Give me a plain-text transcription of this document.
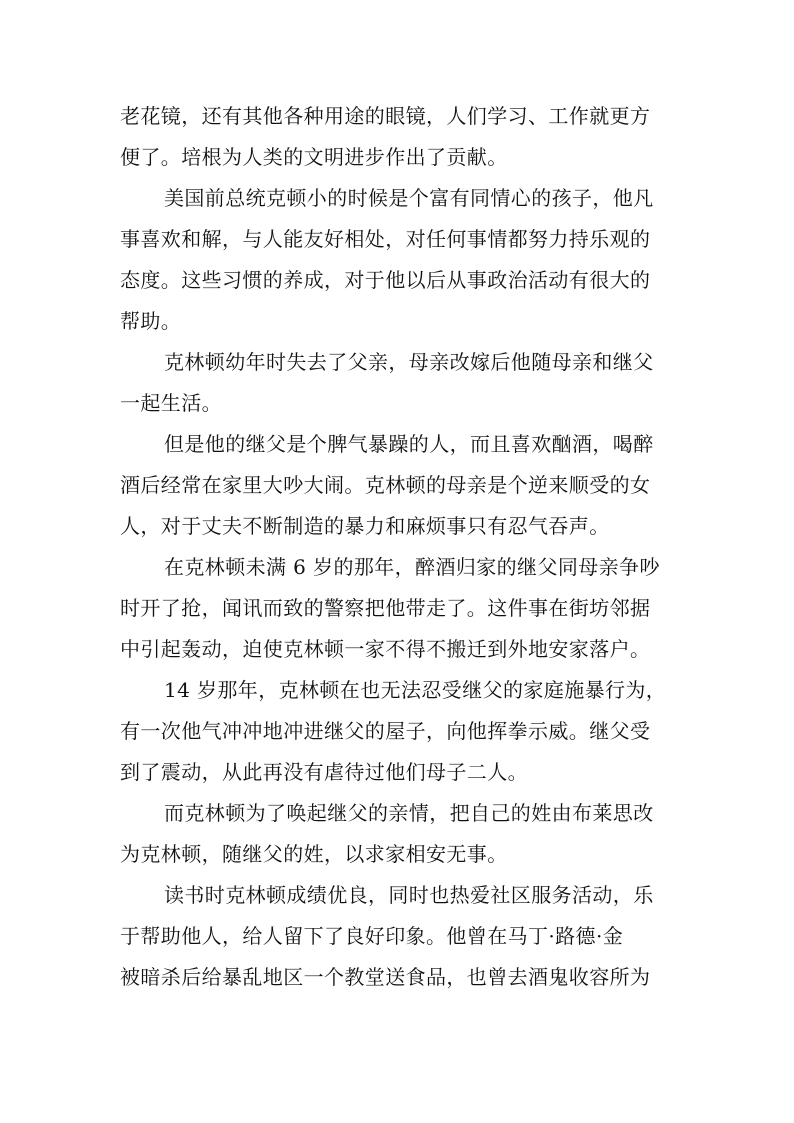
老花镜，还有其他各种用途的眼镜，人们学习、工作就更方
便了。培根为人类的文明进步作出了贡献。
美国前总统克顿小的时候是个富有同情心的孩子，他凡
事喜欢和解，与人能友好相处，对任何事情都努力持乐观的
态度。这些习惯的养成，对于他以后从事政治活动有很大的
帮助。
克林顿幼年时失去了父亲，母亲改嫁后他随母亲和继父
一起生活。
但是他的继父是个脾气暴躁的人，而且喜欢酗酒，喝醉
酒后经常在家里大吵大闹。克林顿的母亲是个逆来顺受的女
人，对于丈夫不断制造的暴力和麻烦事只有忍气吞声。
在克林顿未满 6 岁的那年，醉酒归家的继父同母亲争吵
时开了抢，闻讯而致的警察把他带走了。这件事在街坊邻据
中引起轰动，迫使克林顿一家不得不搬迁到外地安家落户。
14 岁那年，克林顿在也无法忍受继父的家庭施暴行为，
有一次他气冲冲地冲进继父的屋子，向他挥拳示威。继父受
到了震动，从此再没有虐待过他们母子二人。
而克林顿为了唤起继父的亲情，把自己的姓由布莱思改
为克林顿，随继父的姓，以求家相安无事。
读书时克林顿成绩优良，同时也热爱社区服务活动，乐
于帮助他人，给人留下了良好印象。他曾在马丁·路德·金
被暗杀后给暴乱地区一个教堂送食品，也曾去酒鬼收容所为
